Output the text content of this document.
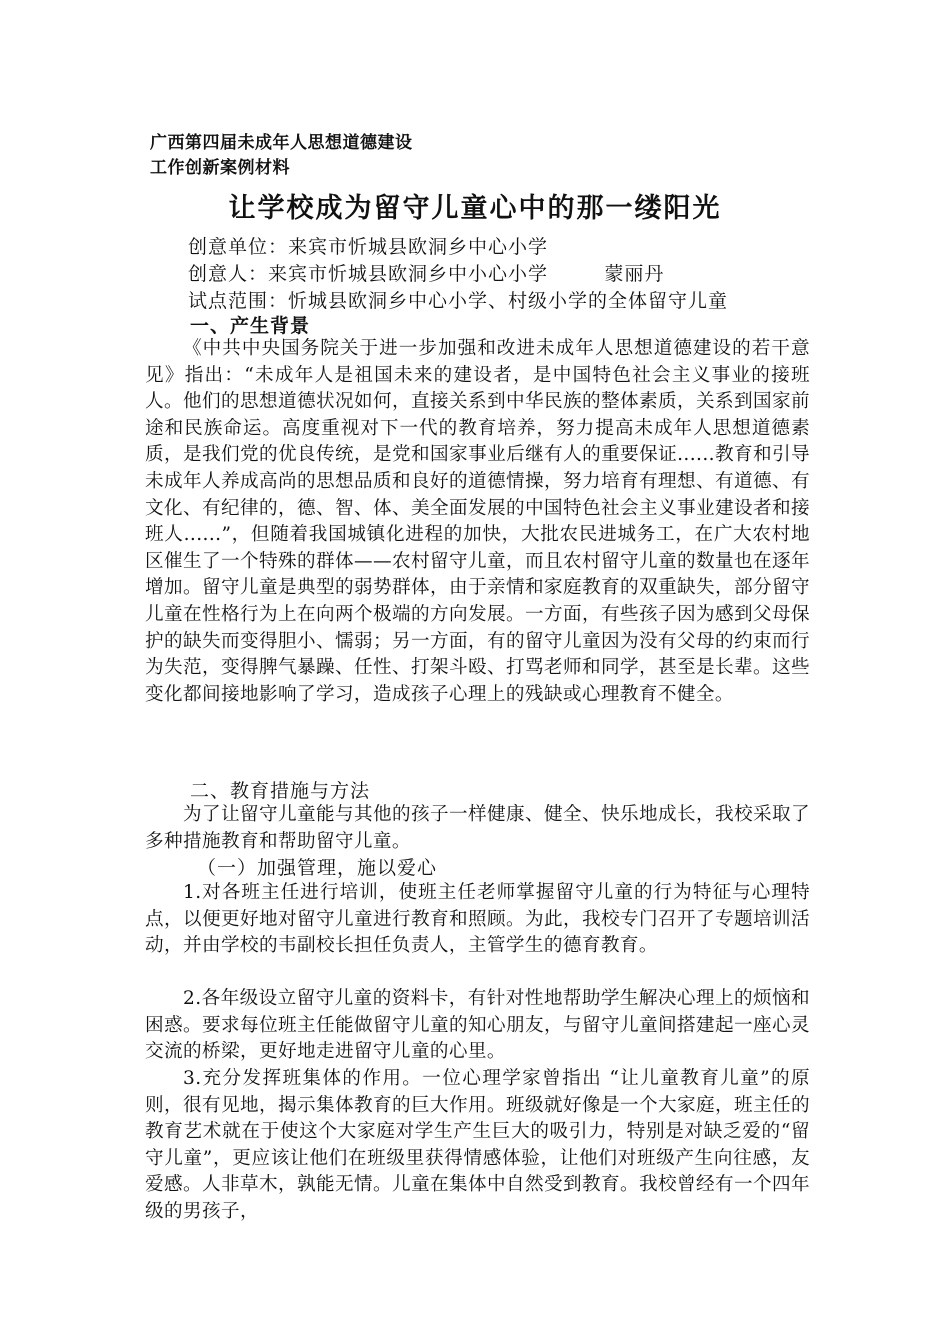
广西第四届未成年人思想道德建设
工作创新案例材料
让学校成为留守儿童心中的那一缕阳光
创意单位：来宾市忻城县欧洞乡中心小学
创意人：来宾市忻城县欧洞乡中小心小学        蒙丽丹
试点范围：忻城县欧洞乡中心小学、村级小学的全体留守儿童
一、产生背景
《中共中央国务院关于进一步加强和改进未成年人思想道德建设的若干意见》指出：“未成年人是祖国未来的建设者，是中国特色社会主义事业的接班人。他们的思想道德状况如何，直接关系到中华民族的整体素质，关系到国家前途和民族命运。高度重视对下一代的教育培养，努力提高未成年人思想道德素质，是我们党的优良传统，是党和国家事业后继有人的重要保证......教育和引导未成年人养成高尚的思想品质和良好的道德情操，努力培育有理想、有道德、有文化、有纪律的，德、智、体、美全面发展的中国特色社会主义事业建设者和接班人......”，但随着我国城镇化进程的加快，大批农民进城务工，在广大农村地区催生了一个特殊的群体——农村留守儿童，而且农村留守儿童的数量也在逐年增加。留守儿童是典型的弱势群体，由于亲情和家庭教育的双重缺失，部分留守儿童在性格行为上在向两个极端的方向发展。一方面，有些孩子因为感到父母保护的缺失而变得胆小、懦弱；另一方面，有的留守儿童因为没有父母的约束而行为失范，变得脾气暴躁、任性、打架斗殴、打骂老师和同学，甚至是长辈。这些变化都间接地影响了学习，造成孩子心理上的残缺或心理教育不健全。
二、教育措施与方法
为了让留守儿童能与其他的孩子一样健康、健全、快乐地成长，我校采取了多种措施教育和帮助留守儿童。
（一）加强管理，施以爱心
1.对各班主任进行培训，使班主任老师掌握留守儿童的行为特征与心理特点，以便更好地对留守儿童进行教育和照顾。为此，我校专门召开了专题培训活动，并由学校的韦副校长担任负责人，主管学生的德育教育。
2.各年级设立留守儿童的资料卡，有针对性地帮助学生解决心理上的烦恼和困惑。要求每位班主任能做留守儿童的知心朋友，与留守儿童间搭建起一座心灵交流的桥梁，更好地走进留守儿童的心里。
3.充分发挥班集体的作用。一位心理学家曾指出 “让儿童教育儿童”的原则，很有见地，揭示集体教育的巨大作用。班级就好像是一个大家庭，班主任的教育艺术就在于使这个大家庭对学生产生巨大的吸引力，特别是对缺乏爱的“留守儿童”，更应该让他们在班级里获得情感体验，让他们对班级产生向往感，友爱感。人非草木，孰能无情。儿童在集体中自然受到教育。我校曾经有一个四年级的男孩子，
